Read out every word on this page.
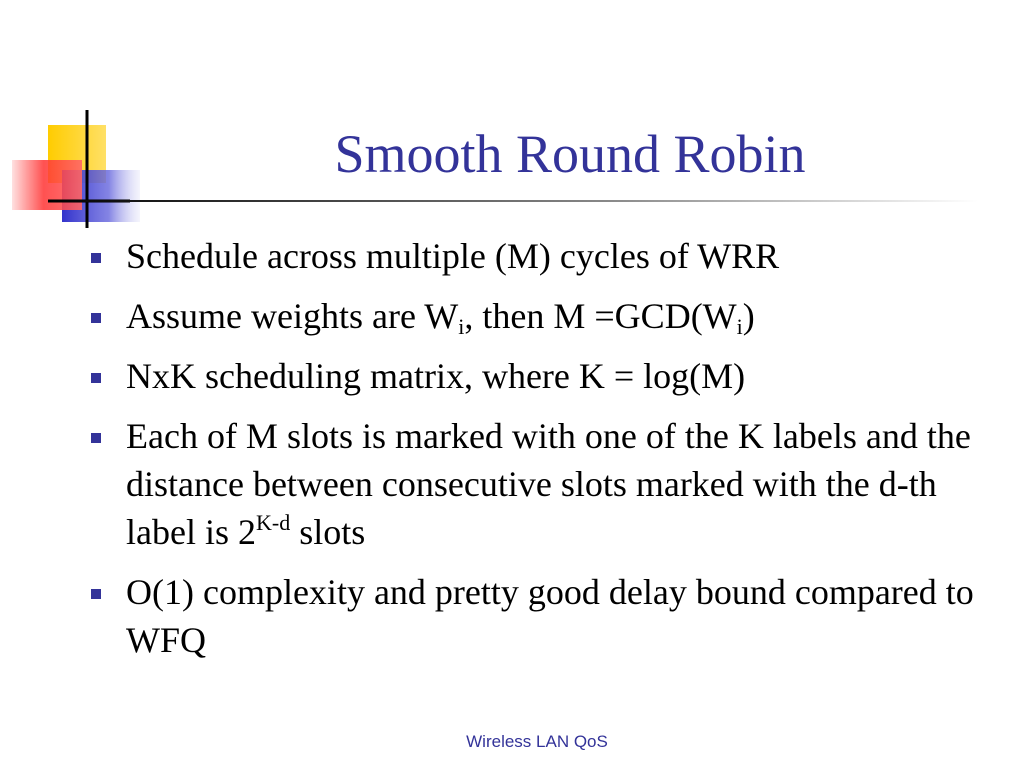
Smooth Round Robin
Schedule across multiple (M) cycles of WRR
Assume weights are $W_i$, then $M =GCD(W_i)$
NxK scheduling matrix, where K = log(M)
Each of M slots is marked with one of the K labels and the distance between consecutive slots marked with the d-th label is $2^{K-d}$ slots
O(1) complexity and pretty good delay bound compared to WFQ
Wireless LAN QoS
